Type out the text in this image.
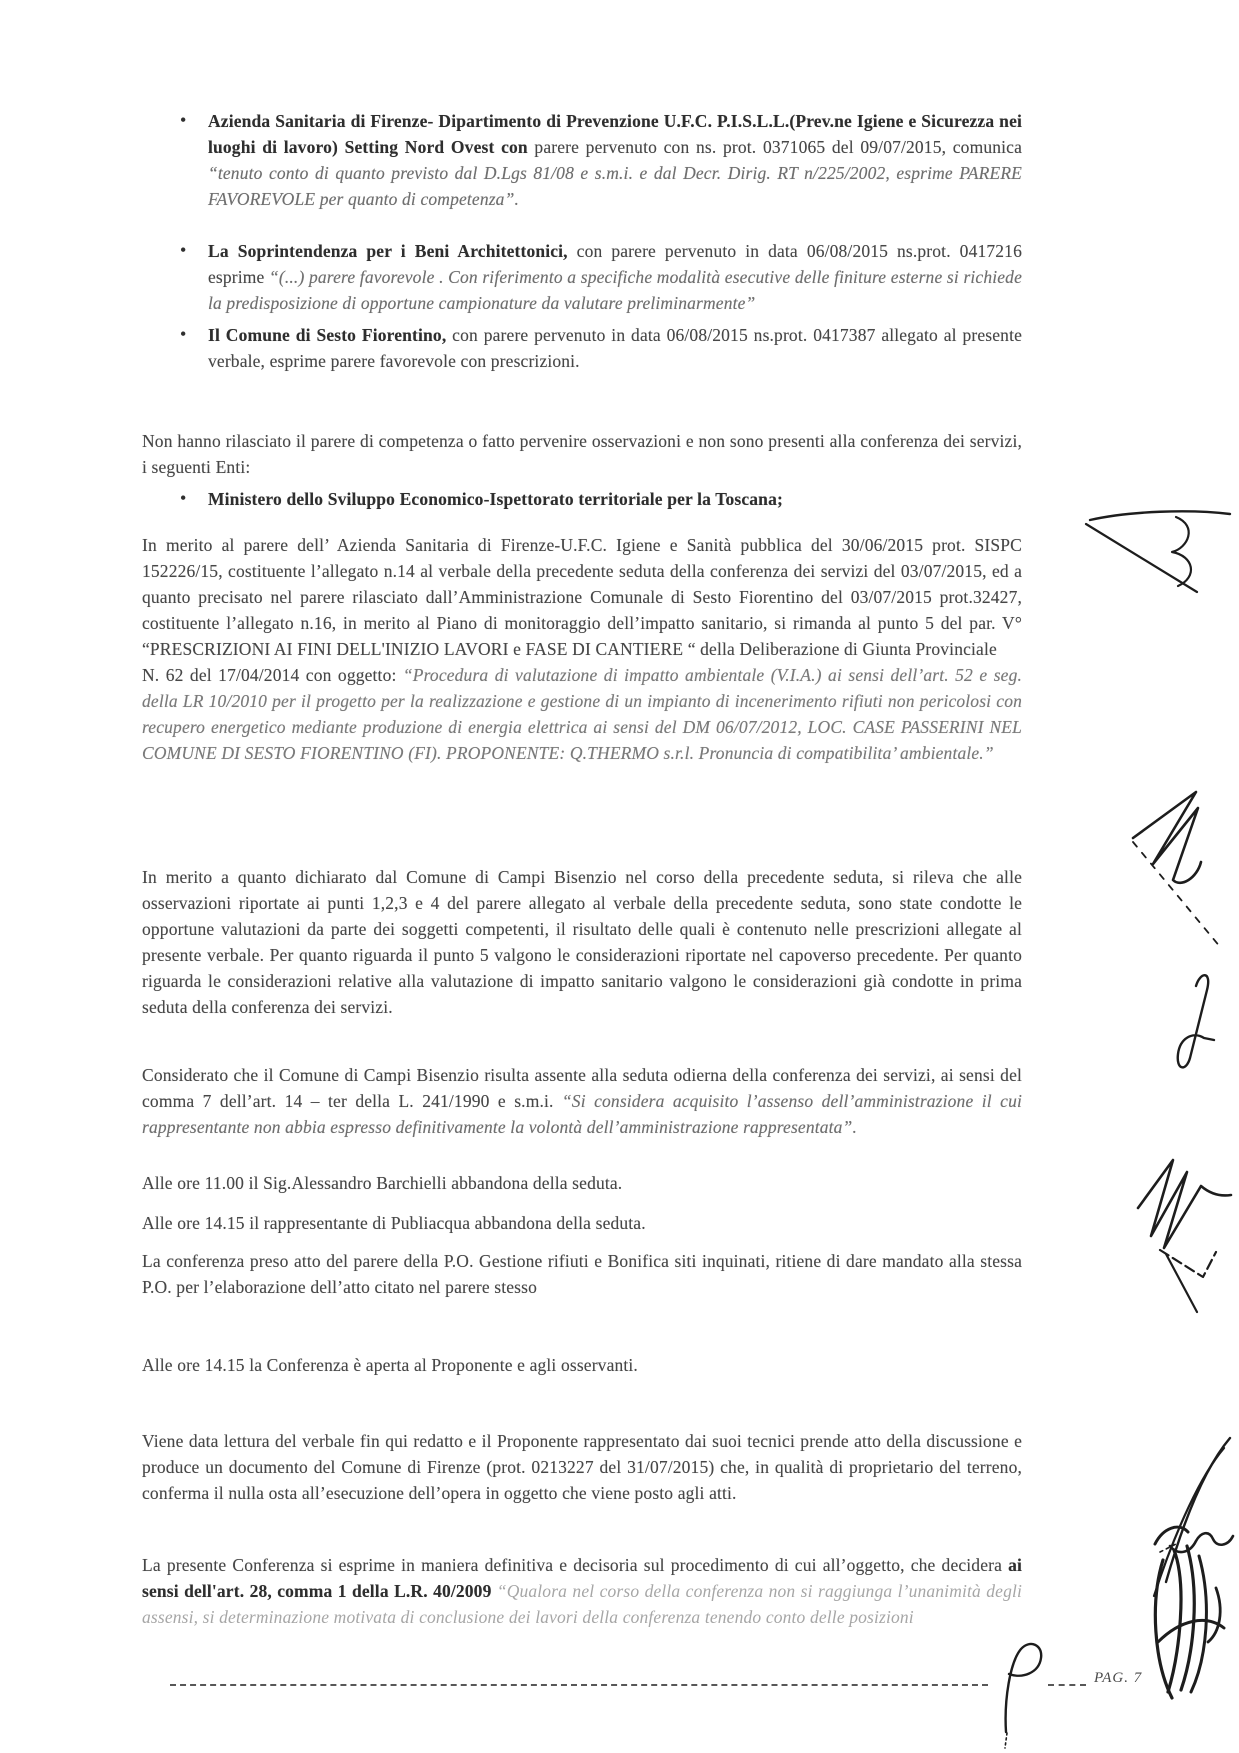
• Azienda Sanitaria di Firenze- Dipartimento di Prevenzione U.F.C. P.I.S.L.L.(Prev.ne Igiene e Sicurezza nei luoghi di lavoro) Setting Nord Ovest con parere pervenuto con ns. prot. 0371065 del 09/07/2015, comunica “tenuto conto di quanto previsto dal D.Lgs 81/08 e s.m.i. e dal Decr. Dirig. RT n/225/2002, esprime PARERE FAVOREVOLE per quanto di competenza”.
• La Soprintendenza per i Beni Architettonici, con parere pervenuto in data 06/08/2015 ns.prot. 0417216 esprime “(...) parere favorevole . Con riferimento a specifiche modalità esecutive delle finiture esterne si richiede la predisposizione di opportune campionature da valutare preliminarmente”
• Il Comune di Sesto Fiorentino, con parere pervenuto in data 06/08/2015 ns.prot. 0417387 allegato al presente verbale, esprime parere favorevole con prescrizioni.
Non hanno rilasciato il parere di competenza o fatto pervenire osservazioni e non sono presenti alla conferenza dei servizi, i seguenti Enti:
• Ministero dello Sviluppo Economico-Ispettorato territoriale per la Toscana;
In merito al parere dell’ Azienda Sanitaria di Firenze-U.F.C. Igiene e Sanità pubblica del 30/06/2015 prot. SISPC 152226/15, costituente l’allegato n.14 al verbale della precedente seduta della conferenza dei servizi del 03/07/2015, ed a quanto precisato nel parere rilasciato dall’Amministrazione Comunale di Sesto Fiorentino del 03/07/2015 prot.32427, costituente l’allegato n.16, in merito al Piano di monitoraggio dell’impatto sanitario, si rimanda al punto 5 del par. V° “PRESCRIZIONI AI FINI DELL'INIZIO LAVORI e FASE DI CANTIERE “ della Deliberazione di Giunta Provinciale
N. 62 del 17/04/2014 con oggetto: “Procedura di valutazione di impatto ambientale (V.I.A.) ai sensi dell’art. 52 e seg. della LR 10/2010 per il progetto per la realizzazione e gestione di un impianto di incenerimento rifiuti non pericolosi con recupero energetico mediante produzione di energia elettrica ai sensi del DM 06/07/2012, LOC. CASE PASSERINI NEL COMUNE DI SESTO FIORENTINO (FI). PROPONENTE: Q.THERMO s.r.l. Pronuncia di compatibilita’ ambientale.”
In merito a quanto dichiarato dal Comune di Campi Bisenzio nel corso della precedente seduta, si rileva che alle osservazioni riportate ai punti 1,2,3 e 4 del parere allegato al verbale della precedente seduta, sono state condotte le opportune valutazioni da parte dei soggetti competenti, il risultato delle quali è contenuto nelle prescrizioni allegate al presente verbale. Per quanto riguarda il punto 5 valgono le considerazioni riportate nel capoverso precedente. Per quanto riguarda le considerazioni relative alla valutazione di impatto sanitario valgono le considerazioni già condotte in prima seduta della conferenza dei servizi.
Considerato che il Comune di Campi Bisenzio risulta assente alla seduta odierna della conferenza dei servizi, ai sensi del comma 7 dell’art. 14 – ter della L. 241/1990 e s.m.i. “Si considera acquisito l’assenso dell’amministrazione il cui rappresentante non abbia espresso definitivamente la volontà dell’amministrazione rappresentata”.
Alle ore 11.00 il Sig.Alessandro Barchielli abbandona della seduta.
Alle ore 14.15 il rappresentante di Publiacqua abbandona della seduta.
La conferenza preso atto del parere della P.O. Gestione rifiuti e Bonifica siti inquinati, ritiene di dare mandato alla stessa P.O. per l’elaborazione dell’atto citato nel parere stesso
Alle ore 14.15 la Conferenza è aperta al Proponente e agli osservanti.
Viene data lettura del verbale fin qui redatto e il Proponente rappresentato dai suoi tecnici prende atto della discussione e produce un documento del Comune di Firenze (prot. 0213227 del 31/07/2015) che, in qualità di proprietario del terreno, conferma il nulla osta all’esecuzione dell’opera in oggetto che viene posto agli atti.
La presente Conferenza si esprime in maniera definitiva e decisoria sul procedimento di cui all’oggetto, che decidera ai sensi dell'art. 28, comma 1 della L.R. 40/2009 “Qualora nel corso della conferenza non si raggiunga l’unanimità degli assensi, si determinazione motivata di conclusione dei lavori della conferenza tenendo conto delle posizioni
PAG. 7
